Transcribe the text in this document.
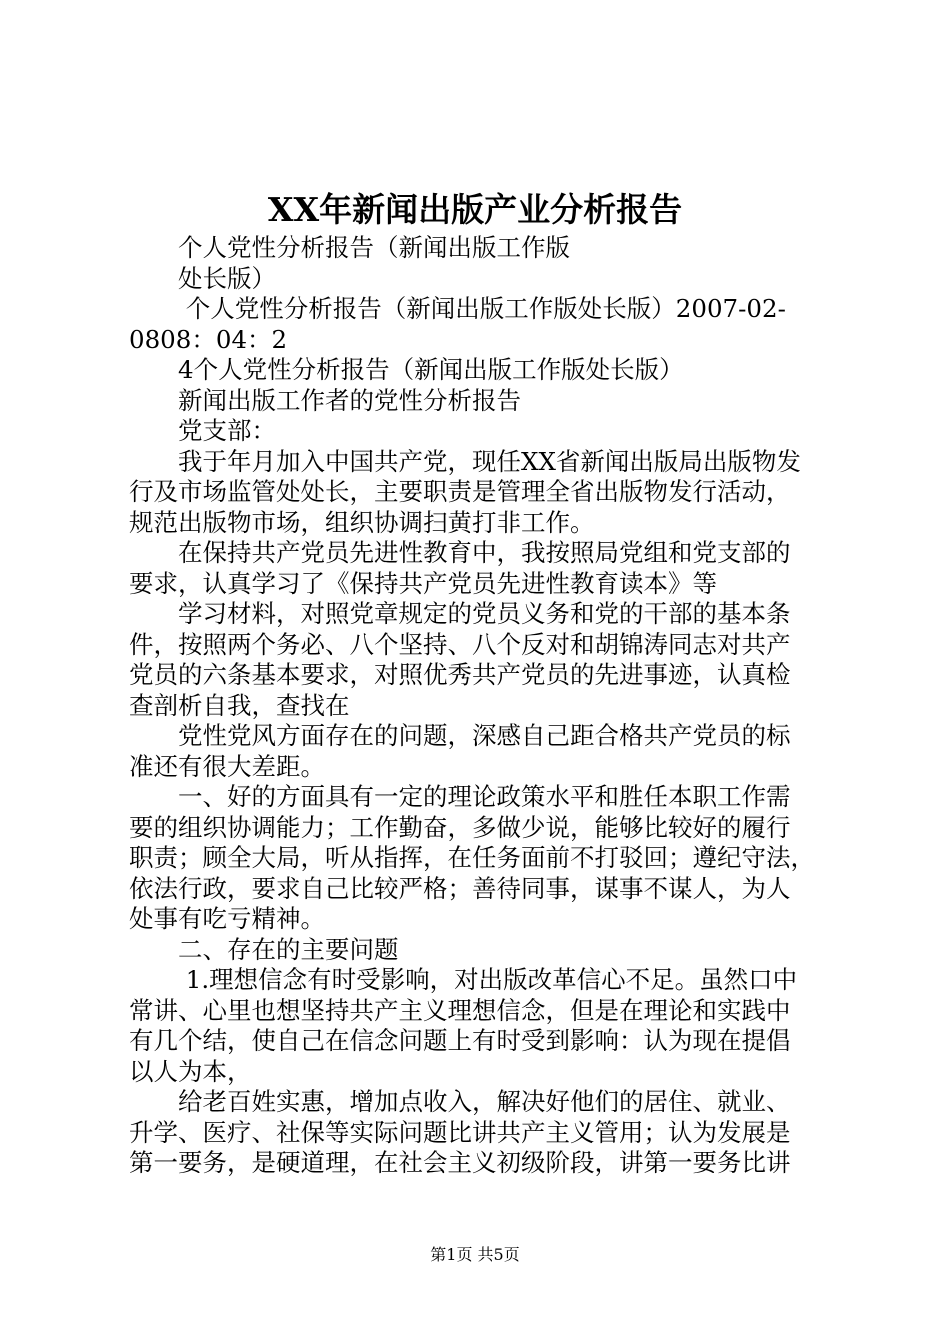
XX年新闻出版产业分析报告
　　个人党性分析报告（新闻出版工作版
　　处长版）
　　 个人党性分析报告（新闻出版工作版处长版）2007-02-
0808：04：2
　　4个人党性分析报告（新闻出版工作版处长版）
　　新闻出版工作者的党性分析报告
　　党支部：
　　我于年月加入中国共产党，现任XX省新闻出版局出版物发
行及市场监管处处长，主要职责是管理全省出版物发行活动，
规范出版物市场，组织协调扫黄打非工作。
　　在保持共产党员先进性教育中，我按照局党组和党支部的
要求，认真学习了《保持共产党员先进性教育读本》等
　　学习材料，对照党章规定的党员义务和党的干部的基本条
件，按照两个务必、八个坚持、八个反对和胡锦涛同志对共产
党员的六条基本要求，对照优秀共产党员的先进事迹，认真检
查剖析自我，查找在
　　党性党风方面存在的问题，深感自己距合格共产党员的标
准还有很大差距。
　　一、好的方面具有一定的理论政策水平和胜任本职工作需
要的组织协调能力；工作勤奋，多做少说，能够比较好的履行
职责；顾全大局，听从指挥，在任务面前不打驳回；遵纪守法，
依法行政，要求自己比较严格；善待同事，谋事不谋人，为人
处事有吃亏精神。
　　二、存在的主要问题
　　 1.理想信念有时受影响，对出版改革信心不足。虽然口中
常讲、心里也想坚持共产主义理想信念，但是在理论和实践中
有几个结，使自己在信念问题上有时受到影响：认为现在提倡
以人为本，
　　给老百姓实惠，增加点收入，解决好他们的居住、就业、
升学、医疗、社保等实际问题比讲共产主义管用；认为发展是
第一要务，是硬道理，在社会主义初级阶段，讲第一要务比讲
第1页 共5页
